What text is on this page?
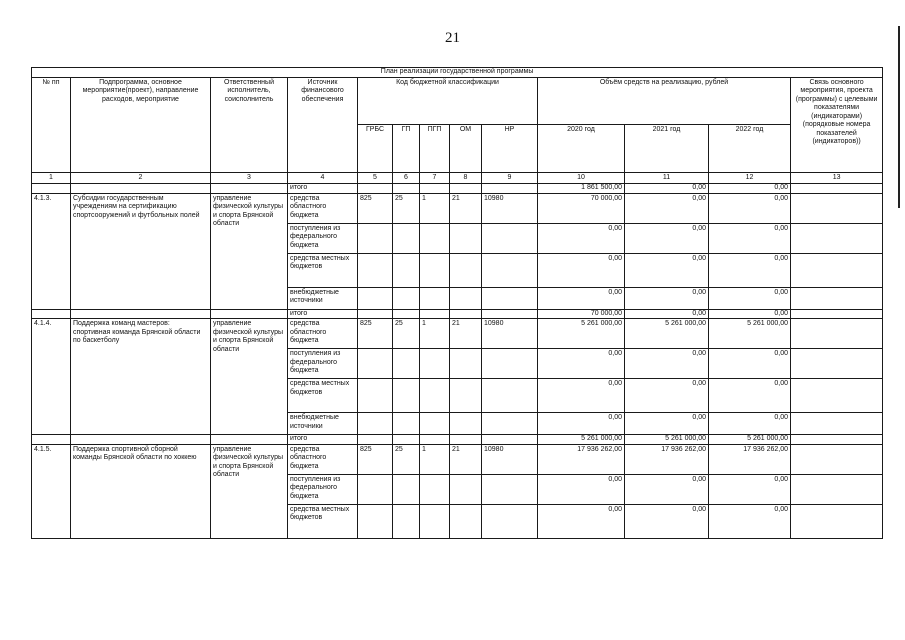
21
План реализации государственной программы												
№ пп	Подпрограмма, основное мероприятие(проект), направление расходов, мероприятие	Ответственный исполнитель, соисполнитель	Источник финансового обеспечения	Код бюджетной классификации					Объём средств на реализацию, рублей			Связь основного мероприятия, проекта (программы) с целевыми показателями (индикаторами) (порядковые номера показателей (индикаторов))
				ГРБС	ГП	ПГП	ОМ	НР	2020 год	2021 год	2022 год	
1	2	3	4	5	6	7	8	9	10	11	12	13
			итого						1 861 500,00	0,00	0,00	
4.1.3.	Субсидии государственным учреждениям на сертификацию спортсооружений и футбольных полей	управление физической культуры и спорта Брянской области	средства областного бюджета	825	25	1	21	10980	70 000,00	0,00	0,00	
			поступления из федерального бюджета						0,00	0,00	0,00	
			средства местных бюджетов						0,00	0,00	0,00	
			внебюджетные источники						0,00	0,00	0,00	
			итого						70 000,00	0,00	0,00	
4.1.4.	Поддержка команд мастеров: спортивная команда Брянской области по баскетболу	управление физической культуры и спорта Брянской области	средства областного бюджета	825	25	1	21	10980	5 261 000,00	5 261 000,00	5 261 000,00	
			поступления из федерального бюджета						0,00	0,00	0,00	
			средства местных бюджетов						0,00	0,00	0,00	
			внебюджетные источники						0,00	0,00	0,00	
			итого						5 261 000,00	5 261 000,00	5 261 000,00	
4.1.5.	Поддержка спортивной сборной команды Брянской области по хоккею	управление физической культуры и спорта Брянской области	средства областного бюджета	825	25	1	21	10980	17 936 262,00	17 936 262,00	17 936 262,00	
			поступления из федерального бюджета						0,00	0,00	0,00	
			средства местных бюджетов						0,00	0,00	0,00	
